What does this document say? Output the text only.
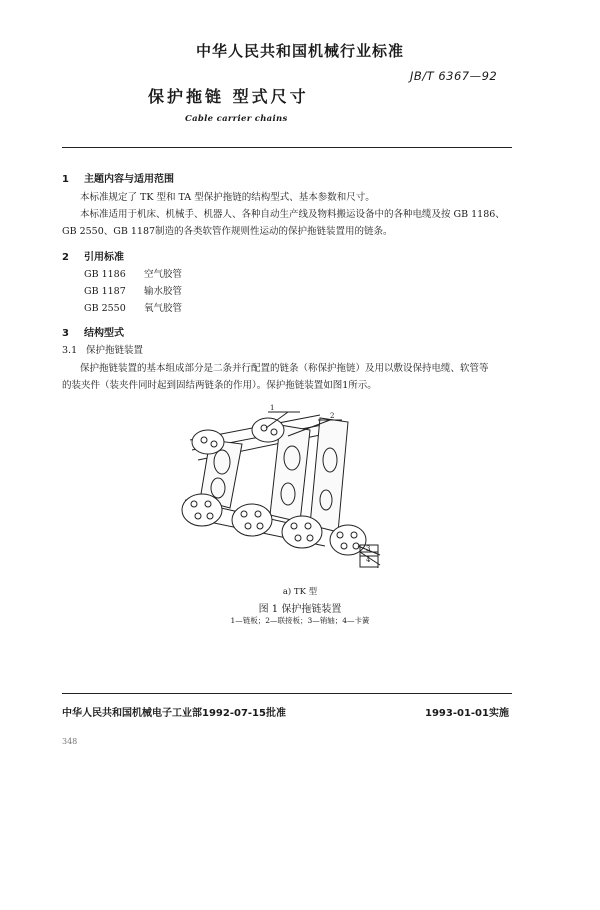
中华人民共和国机械行业标准
JB/T 6367—92
保护拖链 型式尺寸
Cable carrier chains
1 主题内容与适用范围
本标准规定了 TK 型和 TA 型保护拖链的结构型式、基本参数和尺寸。
本标准适用于机床、机械手、机器人、各种自动生产线及物料搬运设备中的各种电缆及按 GB 1186、
GB 2550、GB 1187制造的各类软管作规则性运动的保护拖链装置用的链条。
2 引用标准
GB 1186 空气胶管
GB 1187 输水胶管
GB 2550 氧气胶管
3 结构型式
3.1 保护拖链装置
保护拖链装置的基本组成部分是二条并行配置的链条（称保护拖链）及用以敷设保持电缆、软管等
的装夹件（装夹件同时起到固结两链条的作用）。保护拖链装置如图1所示。
1
2
3
4
a) TK 型
图 1 保护拖链装置
1—链板；2—联接板；3—销轴；4—卡簧
中华人民共和国机械电子工业部1992-07-15批准	1993-01-01实施
348
